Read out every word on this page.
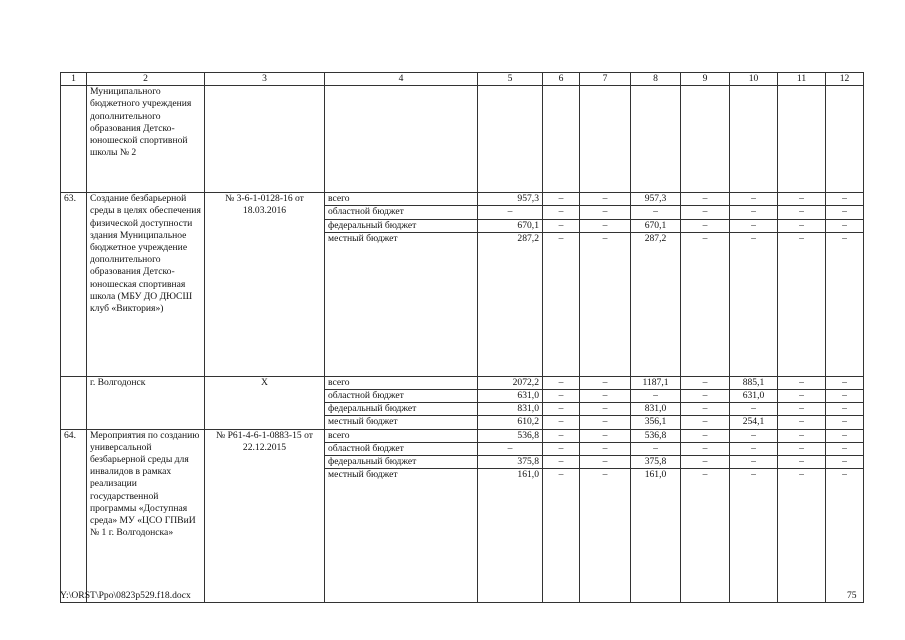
1	2	3	4	5	6	7	8	9	10	11	12
	Муниципального бюджетного учреждения дополнительного образования Детско-юношеской спортивной школы № 2										
63.	Создание безбарьерной среды в целях обеспечения физической доступности здания Муниципальное бюджетное учреждение дополнительного образования Детско-юношеская спортивная школа (МБУ ДО ДЮСШ клуб «Виктория»)	№ 3-6-1-0128-16 от 18.03.2016	всего	957,3	–	–	957,3	–	–	–	–
			областной бюджет	–	–	–	–	–	–	–	–
			федеральный бюджет	670,1	–	–	670,1	–	–	–	–
			местный бюджет	287,2	–	–	287,2	–	–	–	–
	г. Волгодонск	Х	всего	2072,2	–	–	1187,1	–	885,1	–	–
			областной бюджет	631,0	–	–	–	–	631,0	–	–
			федеральный бюджет	831,0	–	–	831,0	–	–	–	–
			местный бюджет	610,2	–	–	356,1	–	254,1	–	–
64.	Мероприятия по созданию универсальной безбарьерной среды для инвалидов в рамках реализации государственной программы «Доступная среда» МУ «ЦСО ГПВиИ № 1 г. Волгодонска»	№ Р61-4-6-1-0883-15 от 22.12.2015	всего	536,8	–	–	536,8	–	–	–	–
			областной бюджет	–	–	–	–	–	–	–	–
			федеральный бюджет	375,8	–	–	375,8	–	–	–	–
			местный бюджет	161,0	–	–	161,0	–	–	–	–
Y:\ORST\Ppo\0823p529.f18.docx	75
